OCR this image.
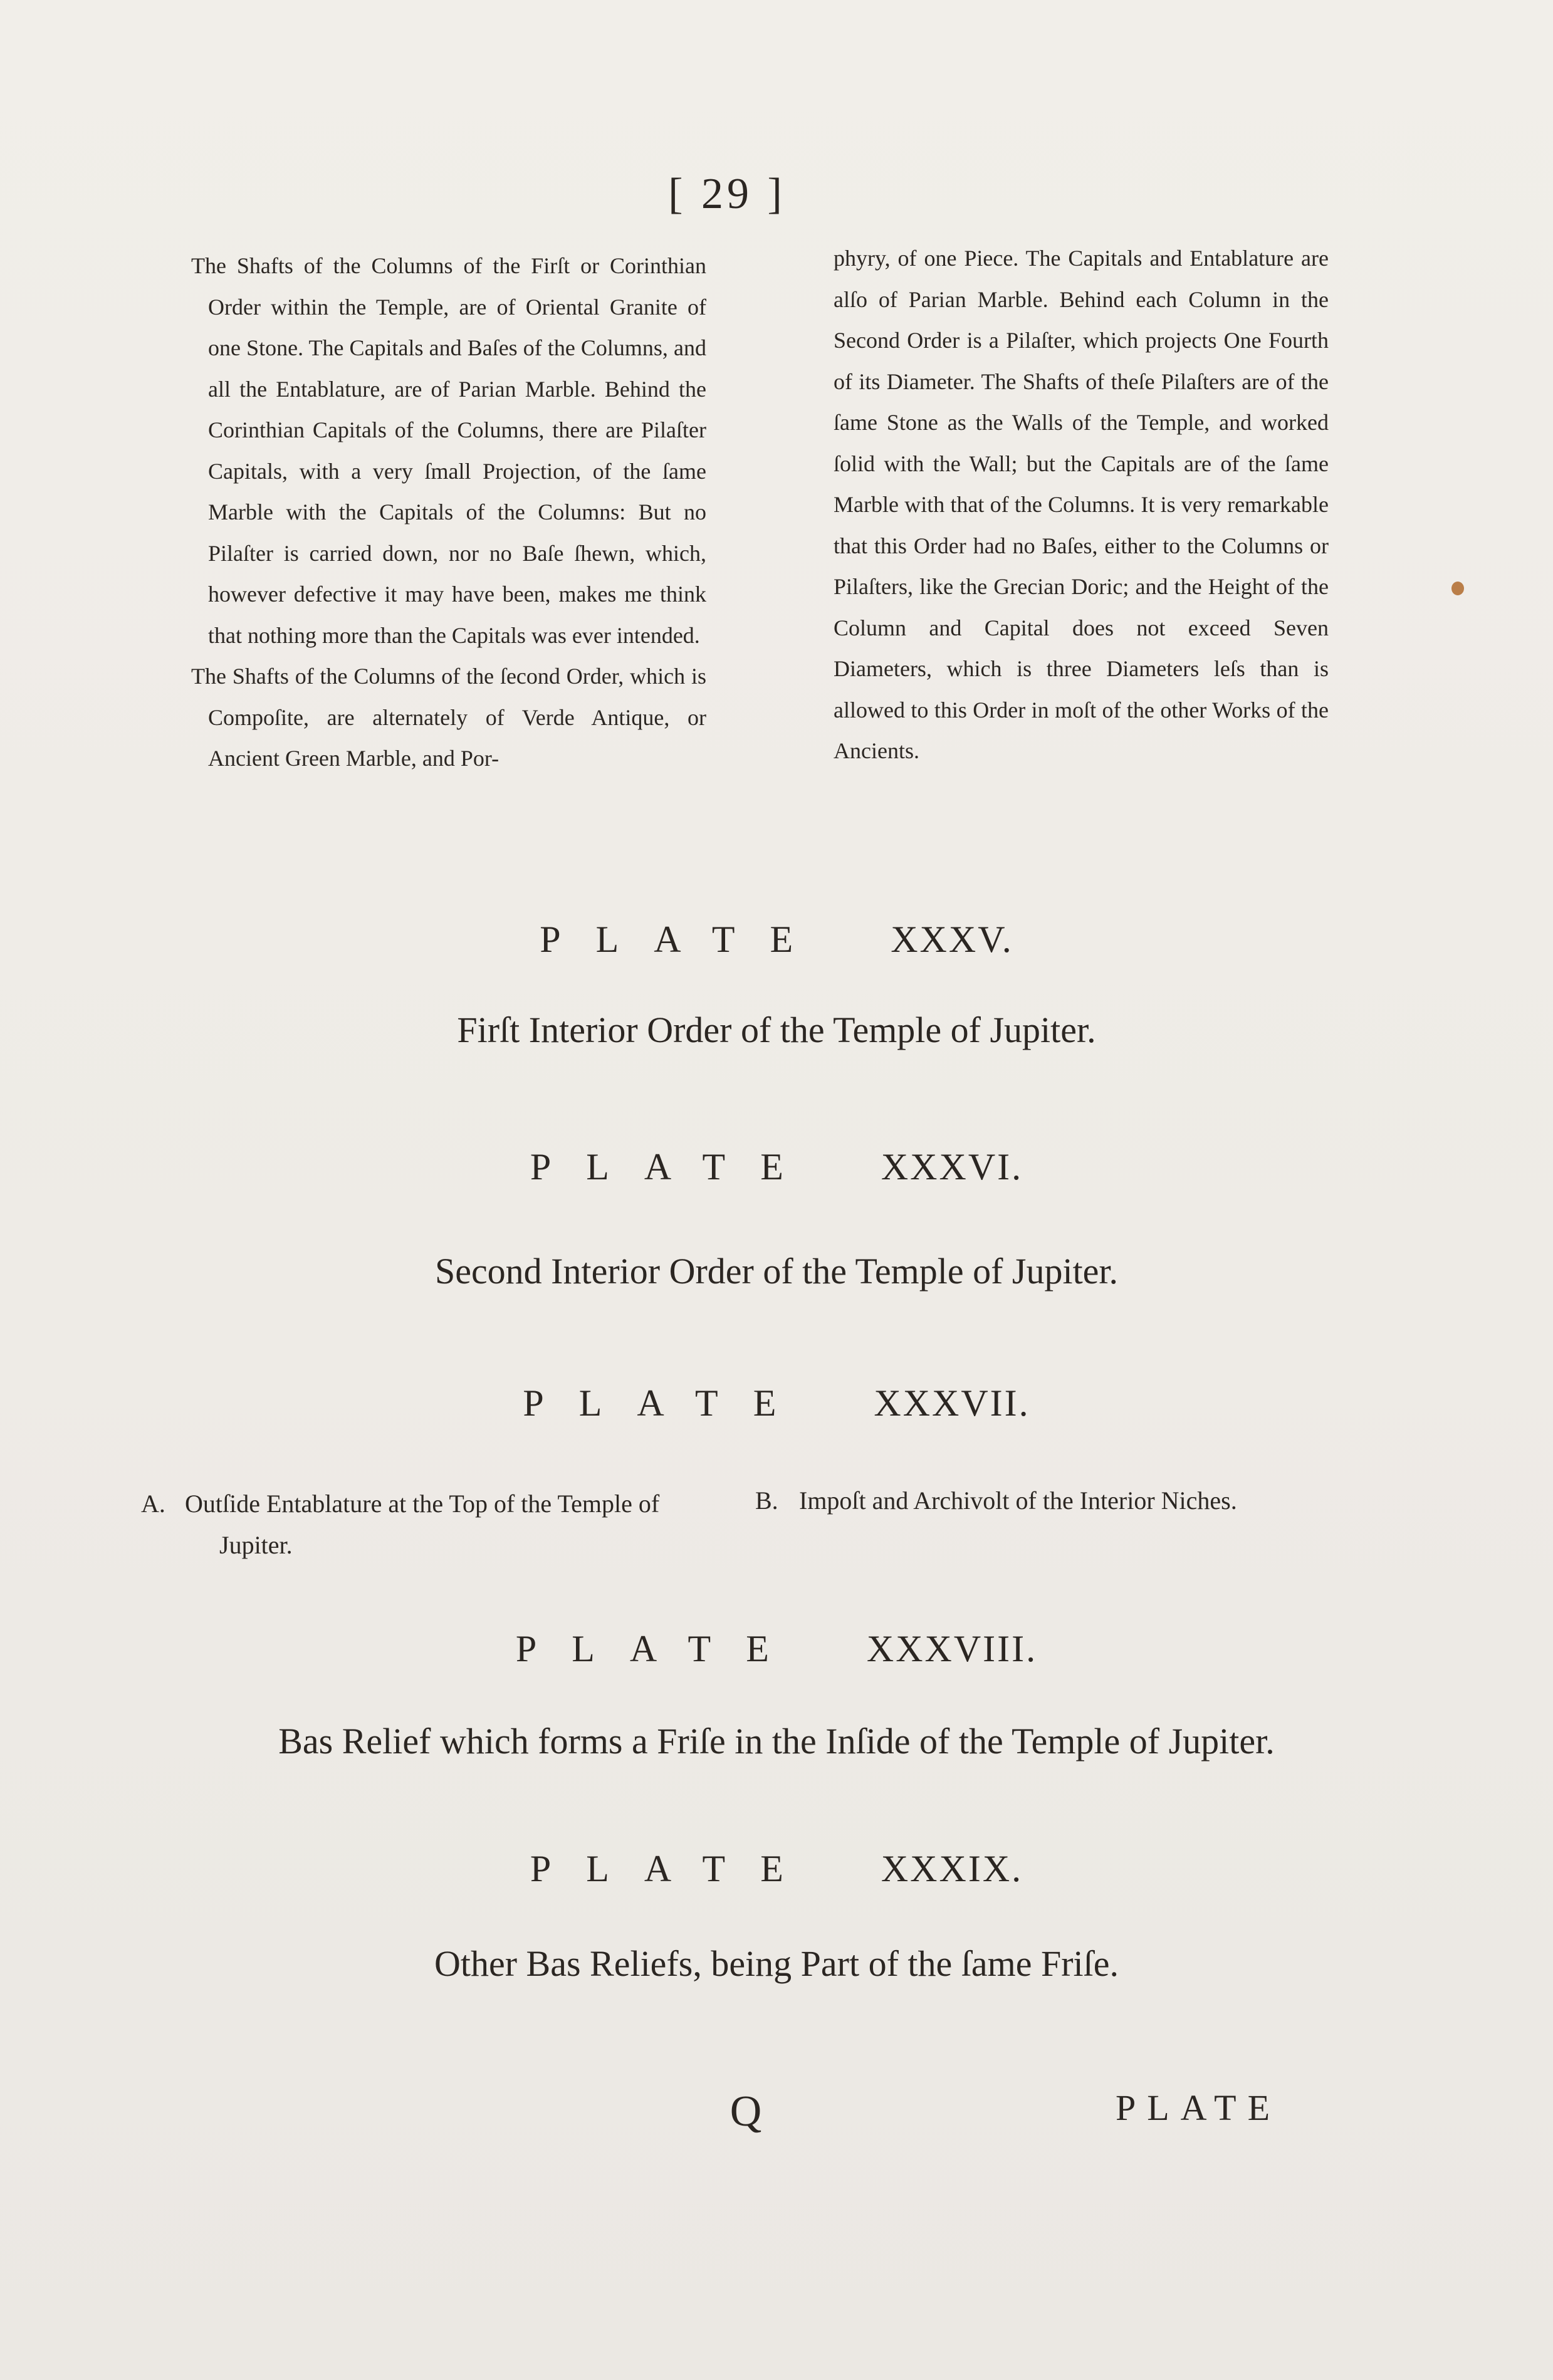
[ 29 ]

The Shafts of the Columns of the Firſt or Corinthian Order within the Temple, are of Oriental Granite of one Stone. The Capitals and Baſes of the Columns, and all the Entablature, are of Parian Marble. Behind the Corinthian Capitals of the Columns, there are Pilaſter Capitals, with a very ſmall Projection, of the ſame Marble with the Capitals of the Columns: But no Pilaſter is carried down, nor no Baſe ſhewn, which, however defective it may have been, makes me think that nothing more than the Capitals was ever intended.

The Shafts of the Columns of the ſecond Order, which is Compoſite, are alternately of Verde Antique, or Ancient Green Marble, and Por-

phyry, of one Piece. The Capitals and Entablature are alſo of Parian Marble. Behind each Column in the Second Order is a Pilaſter, which projects One Fourth of its Diameter. The Shafts of theſe Pilaſters are of the ſame Stone as the Walls of the Temple, and worked ſolid with the Wall; but the Capitals are of the ſame Marble with that of the Columns. It is very remarkable that this Order had no Baſes, either to the Columns or Pilaſters, like the Grecian Doric; and the Height of the Column and Capital does not exceed Seven Diameters, which is three Diameters leſs than is allowed to this Order in moſt of the other Works of the Ancients.

PLATE XXXV.
Firſt Interior Order of the Temple of Jupiter.
PLATE XXXVI.
Second Interior Order of the Temple of Jupiter.
PLATE XXXVII.
A. Outſide Entablature at the Top of the Temple of
Jupiter.
B. Impoſt and Archivolt of the Interior Niches.
PLATE XXXVIII.
Bas Relief which forms a Friſe in the Inſide of the Temple of Jupiter.
PLATE XXXIX.
Other Bas Reliefs, being Part of the ſame Friſe.
Q	PLATE
